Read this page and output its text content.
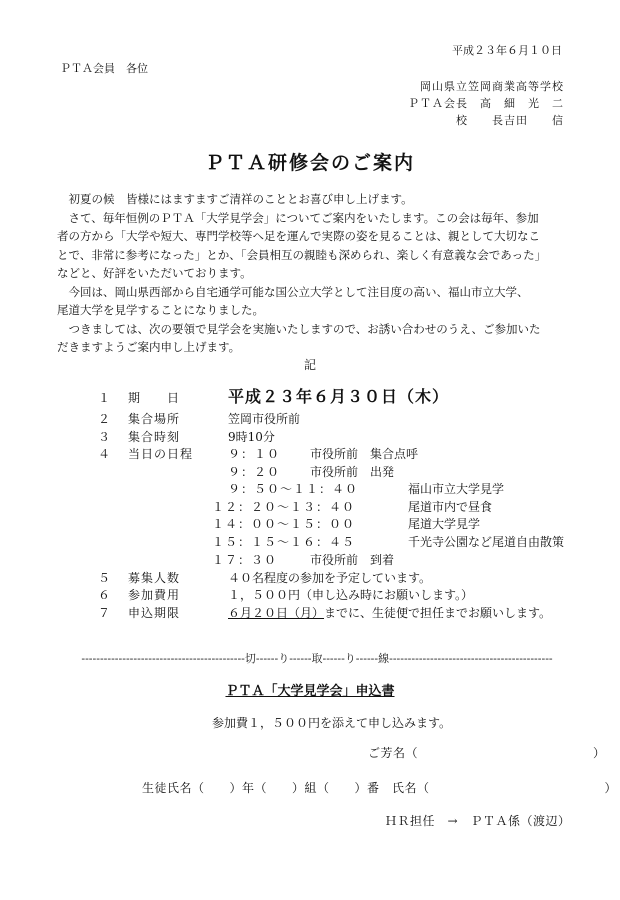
平成２３年６月１０日
ＰＴＡ会員　各位
岡山県立笠岡商業高等学校
ＰＴＡ会長　高　細　光　二
校　　長吉田　　信
ＰＴＡ研修会のご案内

　初夏の候　皆様にはますますご清祥のこととお喜び申し上げます。

　さて、毎年恒例のＰＴＡ「大学見学会」についてご案内をいたします。この会は毎年、参加

者の方から「大学や短大、専門学校等へ足を運んで実際の姿を見ることは、親として大切なこ

とで、非常に参考になった」とか、「会員相互の親睦も深められ、楽しく有意義な会であった」

などと、好評をいただいております。

　今回は、岡山県西部から自宅通学可能な国公立大学として注目度の高い、福山市立大学、

尾道大学を見学することになりました。

　つきましては、次の要領で見学会を実施いたしますので、お誘い合わせのうえ、ご参加いた

だきますようご案内申し上げます。

記
１ 期　　日	平成２３年６月３０日（木）
２ 集合場所	笠岡市役所前
３ 集合時刻	9時10分
４ 当日の日程	９：１０ 市役所前　集合点呼
９：２０ 市役所前　出発
９：５０～１１：４０	福山市立大学見学
１２：２０～１３：４０	尾道市内で昼食
１４：００～１５：００	尾道大学見学
１５：１５～１６：４５	千光寺公園など尾道自由散策
１７：３０	市役所前　到着
５ 募集人数	４０名程度の参加を予定しています。
６ 参加費用	１，５００円（申し込み時にお願いします。）
７ 申込期限	６月２０日（月）までに、生徒便で担任までお願いします。
--------------------------------------------切------り------取------り------線--------------------------------------------
ＰＴＡ「大学見学会」申込書
参加費１，５００円を添えて申し込みます。
ご芳名（　　　　　　　　　　　　　　）
生徒氏名（　　）年（　　）組（　　）番　氏名（　　　　　　　　　　　　　　）
ＨＲ担任　→　ＰＴＡ係（渡辺）
